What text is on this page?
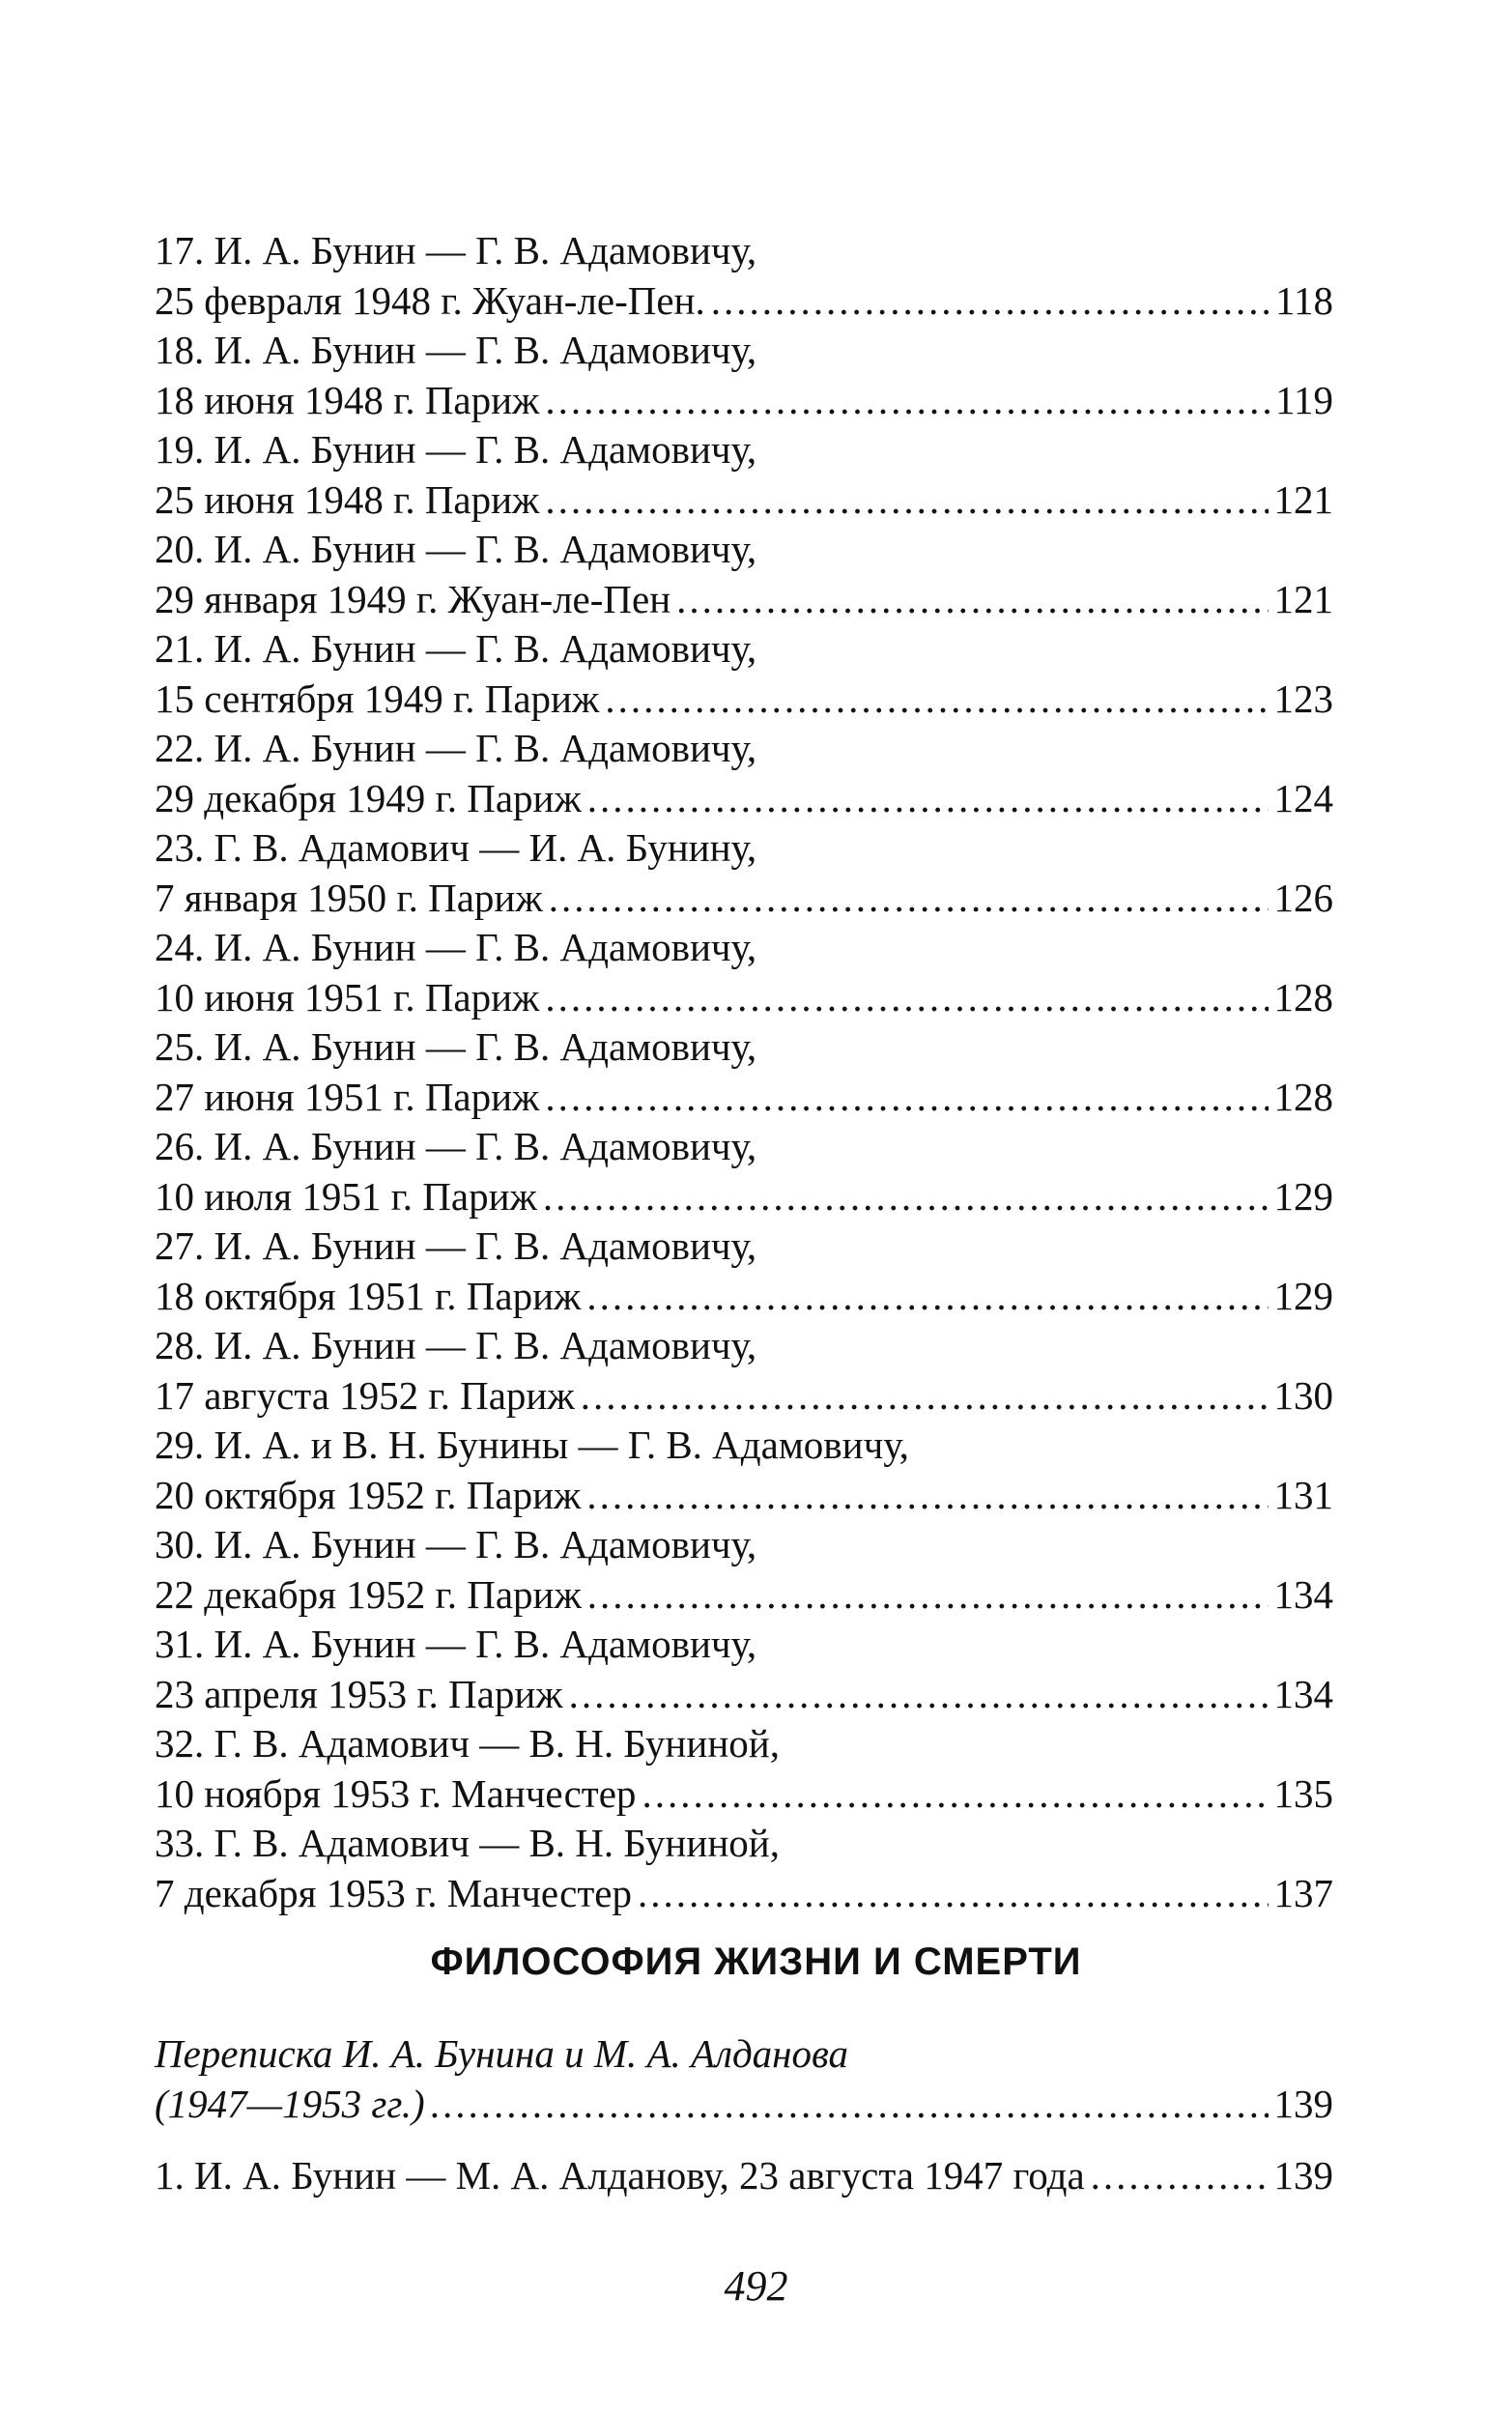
17. И. А. Бунин — Г. В. Адамовичу,
25 февраля 1948 г. Жуан-ле-Пен. .....	118
18. И. А. Бунин — Г. В. Адамовичу,
18 июня 1948 г. Париж .....	119
19. И. А. Бунин — Г. В. Адамовичу,
25 июня 1948 г. Париж .....	121
20. И. А. Бунин — Г. В. Адамовичу,
29 января 1949 г. Жуан-ле-Пен .....	121
21. И. А. Бунин — Г. В. Адамовичу,
15 сентября 1949 г. Париж .....	123
22. И. А. Бунин — Г. В. Адамовичу,
29 декабря 1949 г. Париж .....	124
23. Г. В. Адамович — И. А. Бунину,
7 января 1950 г. Париж .....	126
24. И. А. Бунин — Г. В. Адамовичу,
10 июня 1951 г. Париж .....	128
25. И. А. Бунин — Г. В. Адамовичу,
27 июня 1951 г. Париж .....	128
26. И. А. Бунин — Г. В. Адамовичу,
10 июля 1951 г. Париж .....	129
27. И. А. Бунин — Г. В. Адамовичу,
18 октября 1951 г. Париж .....	129
28. И. А. Бунин — Г. В. Адамовичу,
17 августа 1952 г. Париж .....	130
29. И. А. и В. Н. Бунины — Г. В. Адамовичу,
20 октября 1952 г. Париж .....	131
30. И. А. Бунин — Г. В. Адамовичу,
22 декабря 1952 г. Париж .....	134
31. И. А. Бунин — Г. В. Адамовичу,
23 апреля 1953 г. Париж .....	134
32. Г. В. Адамович — В. Н. Буниной,
10 ноября 1953 г. Манчестер .....	135
33. Г. В. Адамович — В. Н. Буниной,
7 декабря 1953 г. Манчестер .....	137
ФИЛОСОФИЯ ЖИЗНИ И СМЕРТИ
Переписка И. А. Бунина и М. А. Алданова
(1947—1953 гг.) .....	139
1. И. А. Бунин — М. А. Алданову, 23 августа 1947 года .....	139
492
